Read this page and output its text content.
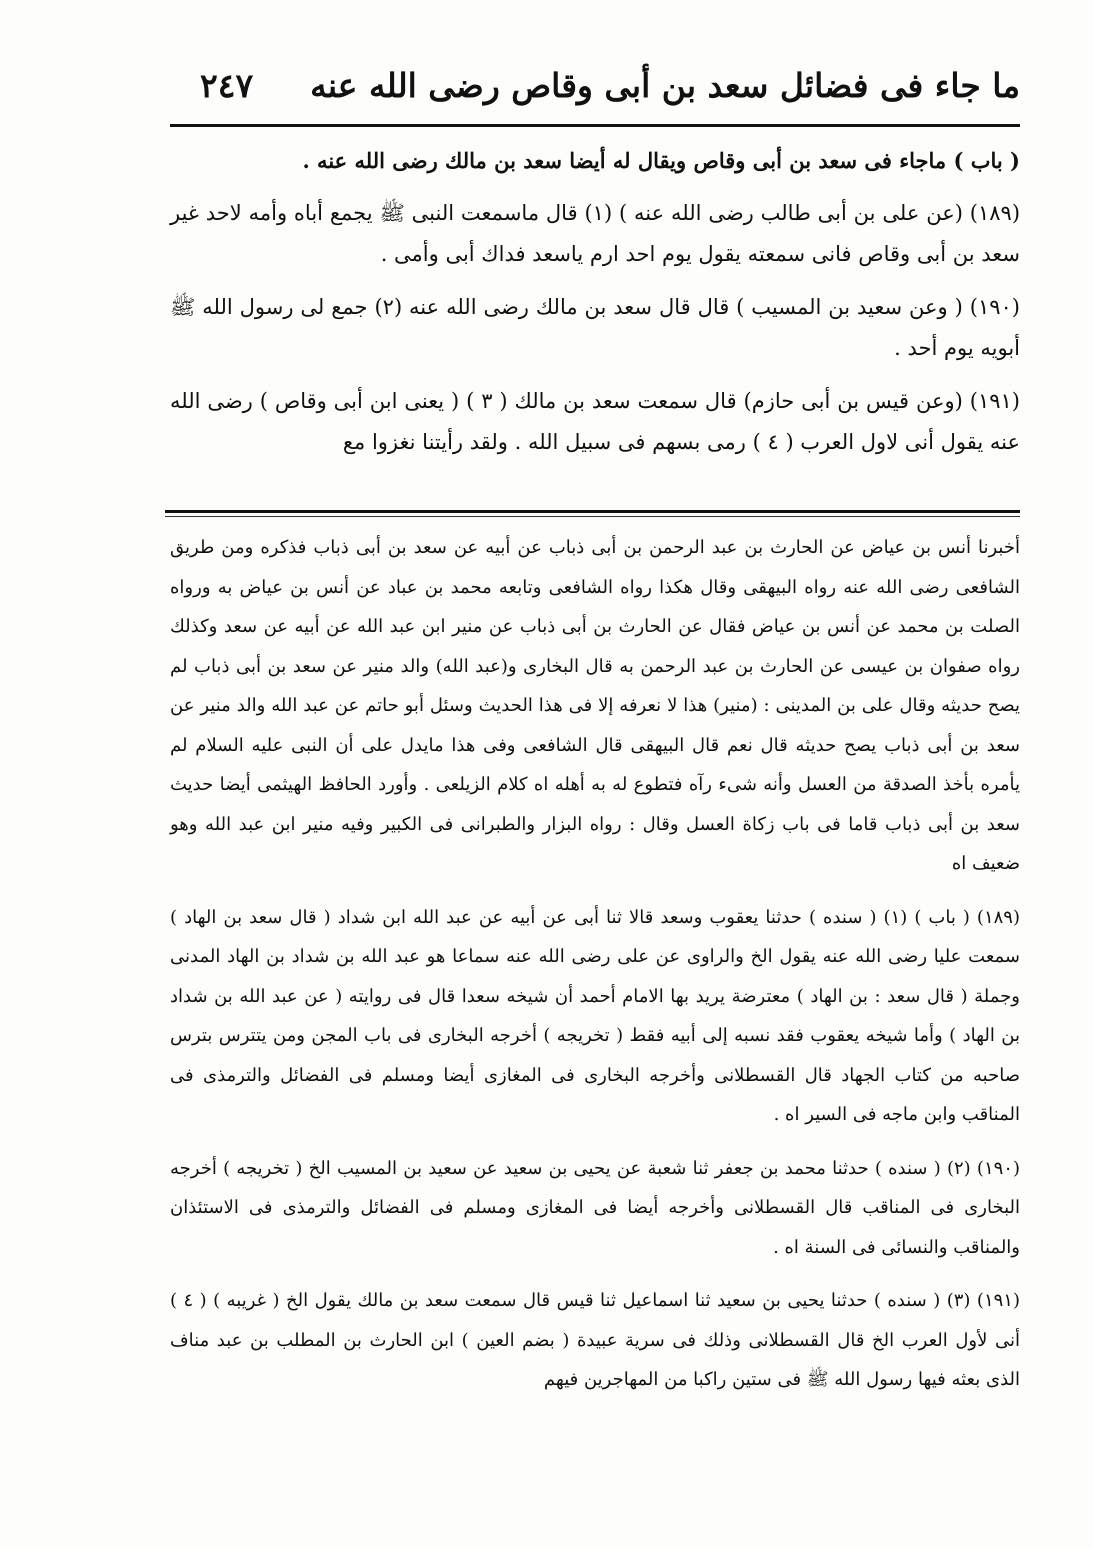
ما جاء فى فضائل سعد بن أبى وقاص رضى الله عنه
٢٤٧

( باب ) ماجاء فى سعد بن أبى وقاص ويقال له أيضا سعد بن مالك رضى الله عنه .

(١٨٩) (عن على بن أبى طالب رضى الله عنه ) (١) قال ماسمعت النبى ﷺ يجمع أباه وأمه لاحد غير سعد بن أبى وقاص فانى سمعته يقول يوم احد ارم ياسعد فداك أبى وأمى .

(١٩٠) ( وعن سعيد بن المسيب ) قال قال سعد بن مالك رضى الله عنه (٢) جمع لى رسول الله ﷺ أبويه يوم أحد .

(١٩١) (وعن قيس بن أبى حازم) قال سمعت سعد بن مالك ( ٣ ) ( يعنى ابن أبى وقاص ) رضى الله عنه يقول أنى لاول العرب ( ٤ ) رمى بسهم فى سبيل الله . ولقد رأيتنا نغزوا مع

أخبرنا أنس بن عياض عن الحارث بن عبد الرحمن بن أبى ذباب عن أبيه عن سعد بن أبى ذباب فذكره ومن طريق الشافعى رضى الله عنه رواه البيهقى وقال هكذا رواه الشافعى وتابعه محمد بن عباد عن أنس بن عياض به ورواه الصلت بن محمد عن أنس بن عياض فقال عن الحارث بن أبى ذباب عن منير ابن عبد الله عن أبيه عن سعد وكذلك رواه صفوان بن عيسى عن الحارث بن عبد الرحمن به قال البخارى و(عبد الله) والد منير عن سعد بن أبى ذباب لم يصح حديثه وقال على بن المدينى : (منير) هذا لا نعرفه إلا فى هذا الحديث وسئل أبو حاتم عن عبد الله والد منير عن سعد بن أبى ذباب يصح حديثه قال نعم قال البيهقى قال الشافعى وفى هذا مايدل على أن النبى عليه السلام لم يأمره بأخذ الصدقة من العسل وأنه شىء رآه فتطوع له به أهله اه كلام الزيلعى . وأورد الحافظ الهيثمى أيضا حديث سعد بن أبى ذباب قاما فى باب زكاة العسل وقال : رواه البزار والطبرانى فى الكبير وفيه منير ابن عبد الله وهو ضعيف اه

(١٨٩) ( باب ) (١) ( سنده ) حدثنا يعقوب وسعد قالا ثنا أبى عن أبيه عن عبد الله ابن شداد ( قال سعد بن الهاد ) سمعت عليا رضى الله عنه يقول الخ والراوى عن على رضى الله عنه سماعا هو عبد الله بن شداد بن الهاد المدنى وجملة ( قال سعد : بن الهاد ) معترضة يريد بها الامام أحمد أن شيخه سعدا قال فى روايته ( عن عبد الله بن شداد بن الهاد ) وأما شيخه يعقوب فقد نسبه إلى أبيه فقط ( تخريجه ) أخرجه البخارى فى باب المجن ومن يتترس بترس صاحبه من كتاب الجهاد قال القسطلانى وأخرجه البخارى فى المغازى أيضا ومسلم فى الفضائل والترمذى فى المناقب وابن ماجه فى السير اه .

(١٩٠) (٢) ( سنده ) حدثنا محمد بن جعفر ثنا شعبة عن يحيى بن سعيد عن سعيد بن المسيب الخ ( تخريجه ) أخرجه البخارى فى المناقب قال القسطلانى وأخرجه أيضا فى المغازى ومسلم فى الفضائل والترمذى فى الاستئذان والمناقب والنسائى فى السنة اه .

(١٩١) (٣) ( سنده ) حدثنا يحيى بن سعيد ثنا اسماعيل ثنا قيس قال سمعت سعد بن مالك يقول الخ ( غريبه ) ( ٤ ) أنى لأول العرب الخ قال القسطلانى وذلك فى سرية عبيدة ( بضم العين ) ابن الحارث بن المطلب بن عبد مناف الذى بعثه فيها رسول الله ﷺ فى ستين راكبا من المهاجرين فيهم
